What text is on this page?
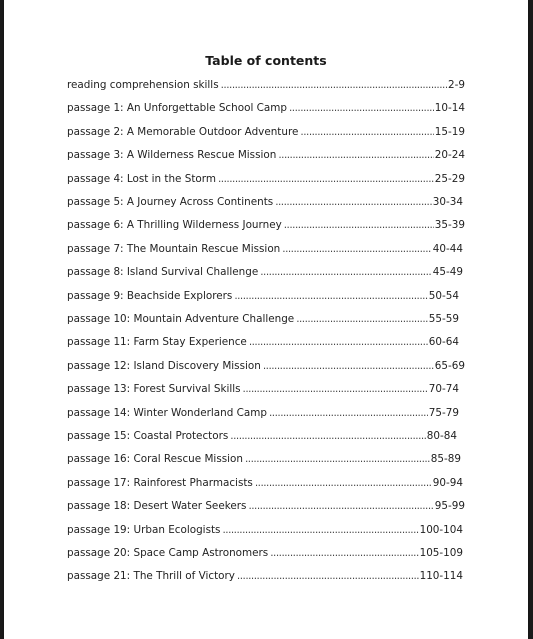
Table of contents
reading comprehension skills .....	2-9
passage 1: An Unforgettable School Camp .....	10-14
passage 2: A Memorable Outdoor Adventure .....	15-19
passage 3: A Wilderness Rescue Mission .....	20-24
passage 4: Lost in the Storm .....	25-29
passage 5: A Journey Across Continents .....	30-34
passage 6: A Thrilling Wilderness Journey .....	35-39
passage 7: The Mountain Rescue Mission .....	40-44
passage 8: Island Survival Challenge .....	45-49
passage 9: Beachside Explorers .....	50-54
passage 10: Mountain Adventure Challenge .....	55-59
passage 11: Farm Stay Experience .....	60-64
passage 12: Island Discovery Mission .....	65-69
passage 13: Forest Survival Skills .....	70-74
passage 14: Winter Wonderland Camp .....	75-79
passage 15: Coastal Protectors .....	80-84
passage 16: Coral Rescue Mission .....	85-89
passage 17: Rainforest Pharmacists .....	90-94
passage 18: Desert Water Seekers .....	95-99
passage 19: Urban Ecologists .....	100-104
passage 20: Space Camp Astronomers .....	105-109
passage 21: The Thrill of Victory .....	110-114
